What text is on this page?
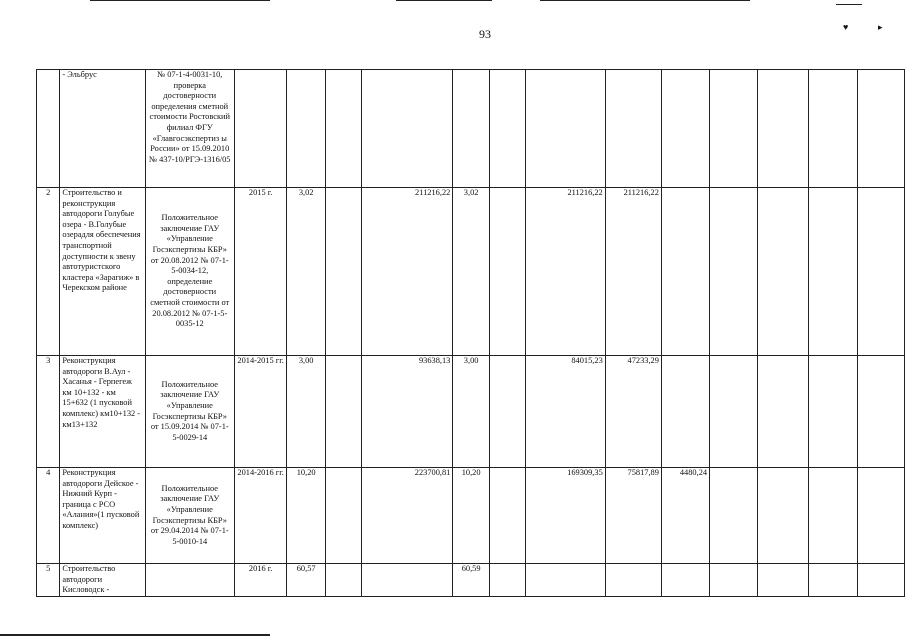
♥	▸
93
	- Эльбрус	№ 07-1-4-0031-10, проверка достоверности определения сметной стоимости Ростовский филиал ФГУ «Главгосэкспертиз ы России» от 15.09.2010 № 437-10/РГЭ-1316/05													
2	Строительство и реконструкция автодороги Голубые озера - В.Голубые озерадля обеспечения транспортной доступности к звену автотуристского кластера «Зарагиж» в Черекском районе	Положительное заключение ГАУ «Управление Госэкспертизы КБР» от 20.08.2012 № 07-1-5-0034-12, определение достоверности сметной стоимости от 20.08.2012 № 07-1-5-0035-12	2015 г.	3,02		211216,22	3,02		211216,22	211216,22					
3	Реконструкция автодороги В.Аул - Хасанья - Герпегеж км 10+132 - км 15+632 (1 пусковой комплекс) км10+132 - км13+132	Положительное заключение ГАУ «Управление Госэкспертизы КБР» от 15.09.2014 № 07-1-5-0029-14	2014-2015 гг.	3,00		93638,13	3,00		84015,23	47233,29					
4	Реконструкция автодороги Дейское - Нижний Курп - граница с РСО «Алания»(1 пусковой комплекс)	Положительное заключение ГАУ «Управление Госэкспертизы КБР» от 29.04.2014 № 07-1-5-0010-14	2014-2016 гг.	10,20		223700,81	10,20		169309,35	75817,89	4480,24				
5	Строительство автодороги Кисловодск -		2016 г.	60,57			60,59								
